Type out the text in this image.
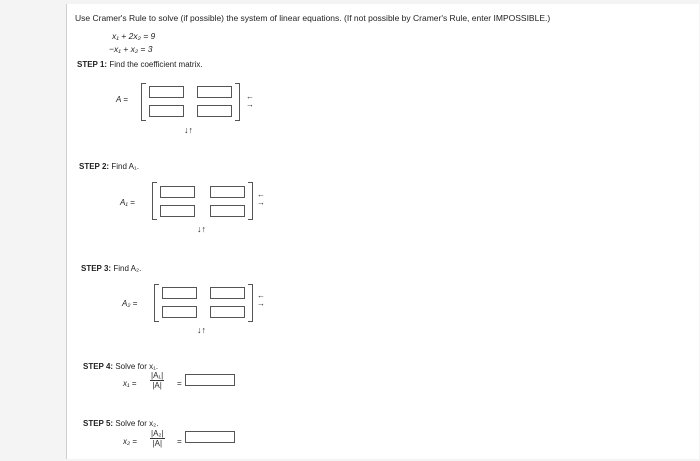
Use Cramer's Rule to solve (if possible) the system of linear equations. (If not possible by Cramer's Rule, enter IMPOSSIBLE.)
x₁ + 2x₂ = 9
−x₁ + x₂ = 3
STEP 1: Find the coefficient matrix.
A =	←
→
↓↑
STEP 2: Find A₁.
A₁ =
←
→
↓↑
STEP 3: Find A₂.
A₂ =
←
→
↓↑
STEP 4: Solve for x₁.
$x_1 = \frac{\text{|A₁|}}{|A|}$ =
STEP 5: Solve for x₂.
$x_2 = \frac{\text{|A₂|}}{|A|}$ =
